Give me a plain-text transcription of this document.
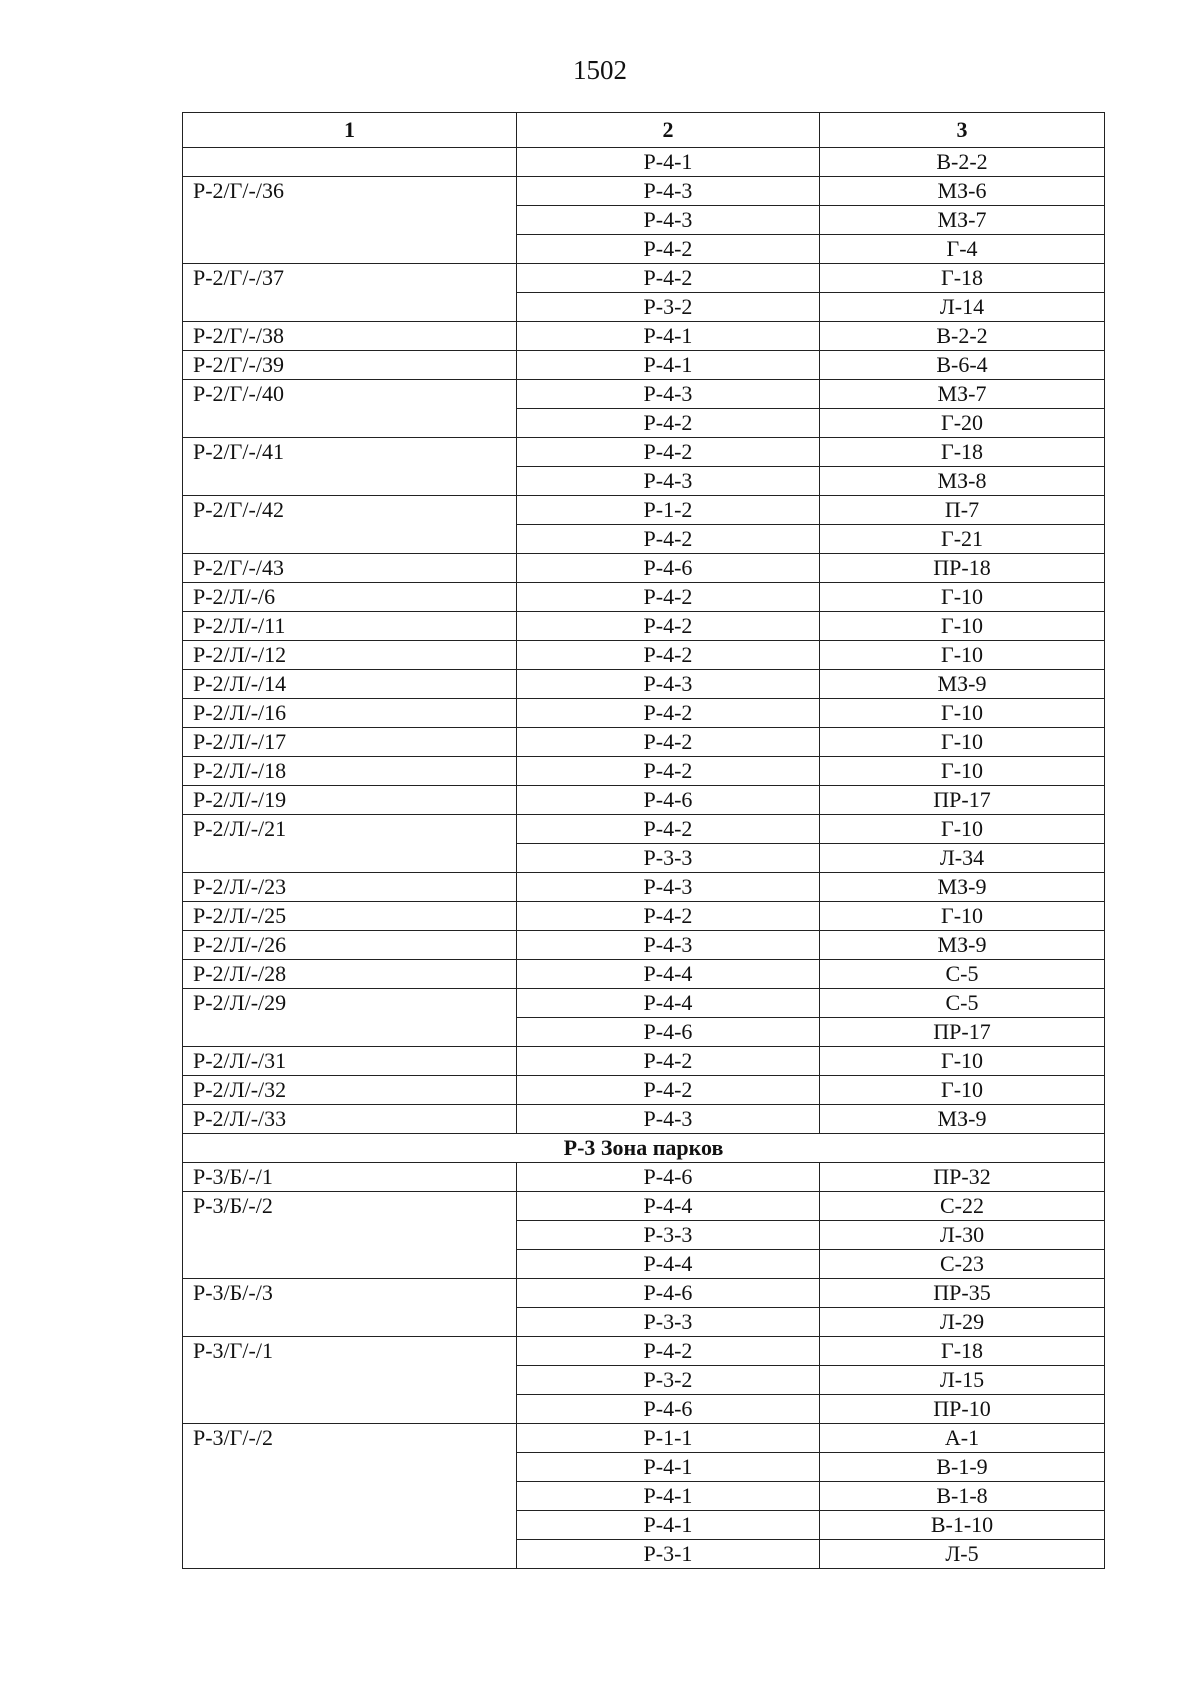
1502
1	2	3
	Р-4-1	В-2-2
Р-2/Г/-/36	Р-4-3	МЗ-6
	Р-4-3	МЗ-7
	Р-4-2	Г-4
Р-2/Г/-/37	Р-4-2	Г-18
	Р-3-2	Л-14
Р-2/Г/-/38	Р-4-1	В-2-2
Р-2/Г/-/39	Р-4-1	В-6-4
Р-2/Г/-/40	Р-4-3	МЗ-7
	Р-4-2	Г-20
Р-2/Г/-/41	Р-4-2	Г-18
	Р-4-3	МЗ-8
Р-2/Г/-/42	Р-1-2	П-7
	Р-4-2	Г-21
Р-2/Г/-/43	Р-4-6	ПР-18
Р-2/Л/-/6	Р-4-2	Г-10
Р-2/Л/-/11	Р-4-2	Г-10
Р-2/Л/-/12	Р-4-2	Г-10
Р-2/Л/-/14	Р-4-3	МЗ-9
Р-2/Л/-/16	Р-4-2	Г-10
Р-2/Л/-/17	Р-4-2	Г-10
Р-2/Л/-/18	Р-4-2	Г-10
Р-2/Л/-/19	Р-4-6	ПР-17
Р-2/Л/-/21	Р-4-2	Г-10
	Р-3-3	Л-34
Р-2/Л/-/23	Р-4-3	МЗ-9
Р-2/Л/-/25	Р-4-2	Г-10
Р-2/Л/-/26	Р-4-3	МЗ-9
Р-2/Л/-/28	Р-4-4	С-5
Р-2/Л/-/29	Р-4-4	С-5
	Р-4-6	ПР-17
Р-2/Л/-/31	Р-4-2	Г-10
Р-2/Л/-/32	Р-4-2	Г-10
Р-2/Л/-/33	Р-4-3	МЗ-9
Р-3 Зона парков		
Р-3/Б/-/1	Р-4-6	ПР-32
Р-3/Б/-/2	Р-4-4	С-22
	Р-3-3	Л-30
	Р-4-4	С-23
Р-3/Б/-/3	Р-4-6	ПР-35
	Р-3-3	Л-29
Р-3/Г/-/1	Р-4-2	Г-18
	Р-3-2	Л-15
	Р-4-6	ПР-10
Р-3/Г/-/2	Р-1-1	А-1
	Р-4-1	В-1-9
	Р-4-1	В-1-8
	Р-4-1	В-1-10
	Р-3-1	Л-5
